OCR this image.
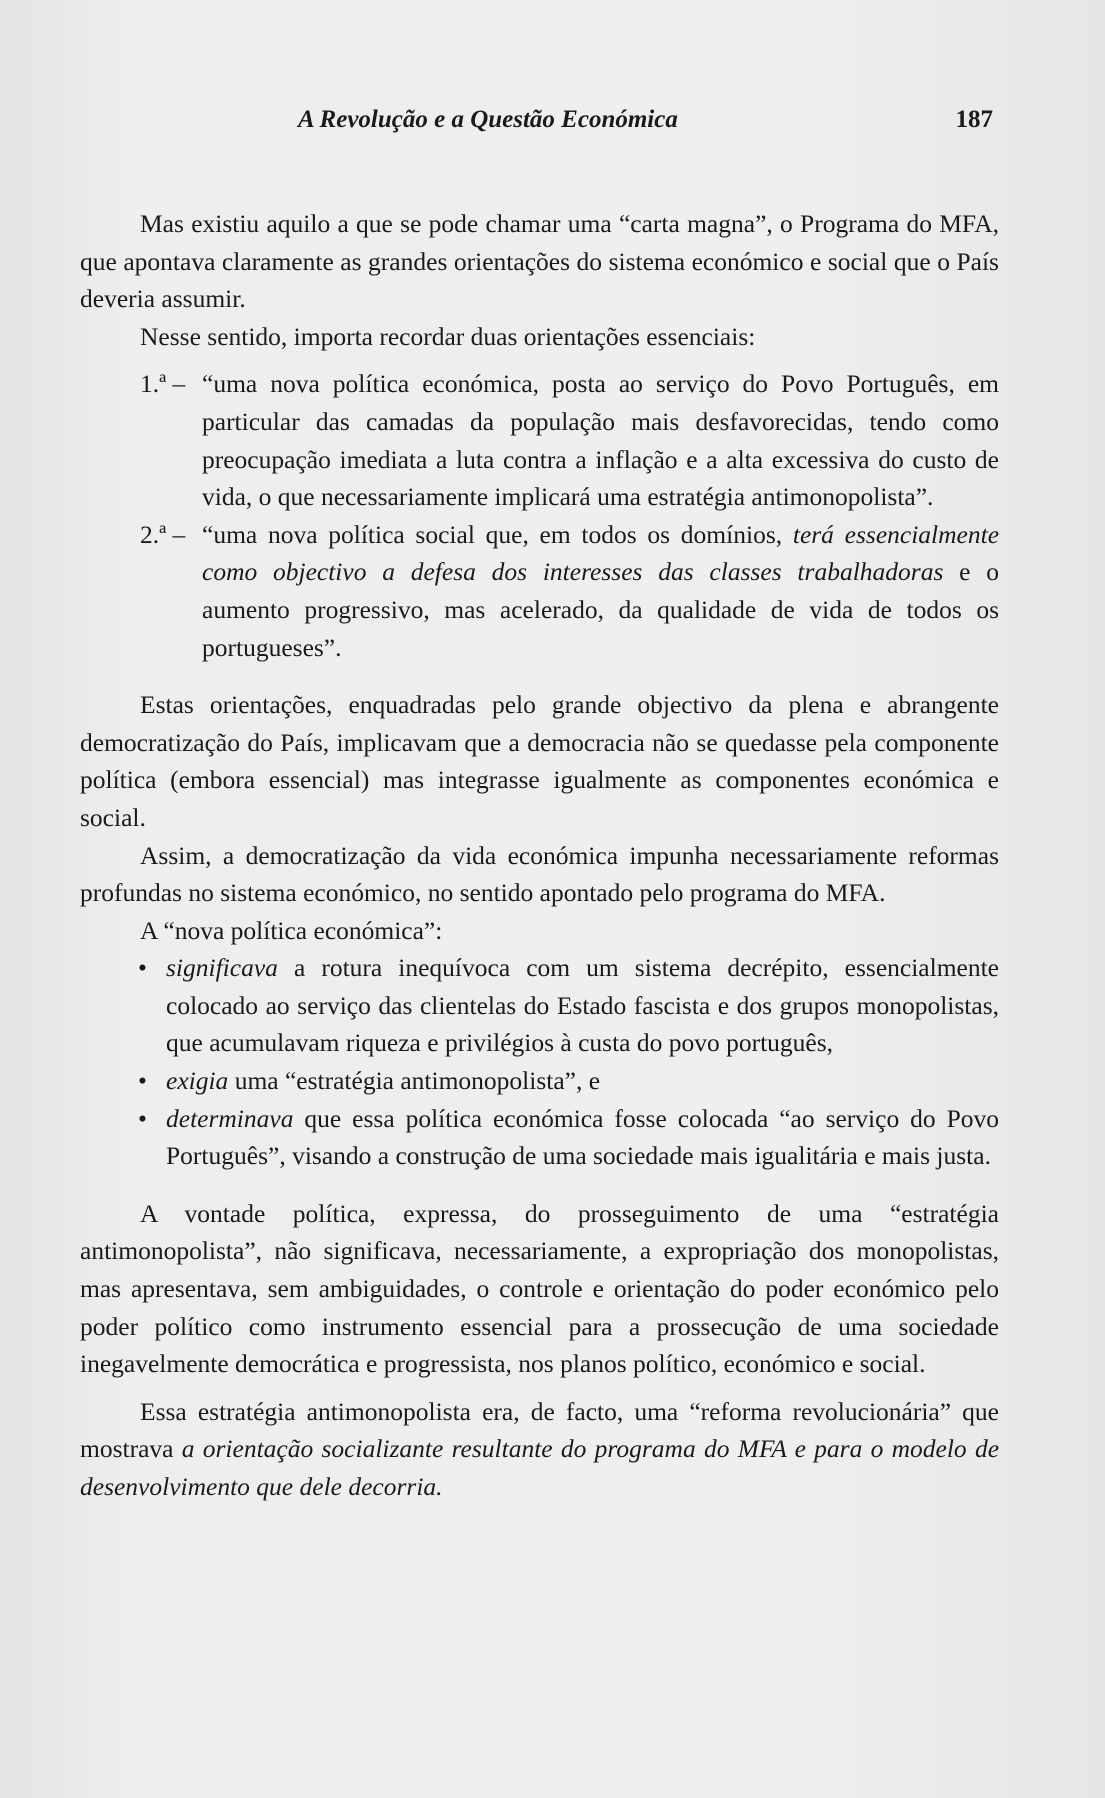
A Revolução e a Questão Económica	187

Mas existiu aquilo a que se pode chamar uma “carta magna”, o Programa do MFA, que apontava claramente as grandes orientações do sistema económico e social que o País deveria assumir.

Nesse sentido, importa recordar duas orientações essenciais:

1.ª – “uma nova política económica, posta ao serviço do Povo Português, em particular das camadas da população mais desfavorecidas, tendo como preocupação imediata a luta contra a inflação e a alta excessiva do custo de vida, o que necessariamente implicará uma estratégia antimonopolista”.
2.ª – “uma nova política social que, em todos os domínios, terá essencialmente como objectivo a defesa dos interesses das classes trabalhadoras e o aumento progressivo, mas acelerado, da qualidade de vida de todos os portugueses”.

Estas orientações, enquadradas pelo grande objectivo da plena e abrangente democratização do País, implicavam que a democracia não se quedasse pela componente política (embora essencial) mas integrasse igualmente as componentes económica e social.

Assim, a democratização da vida económica impunha necessariamente reformas profundas no sistema económico, no sentido apontado pelo programa do MFA.

A “nova política económica”:

• significava a rotura inequívoca com um sistema decrépito, essencialmente colocado ao serviço das clientelas do Estado fascista e dos grupos monopolistas, que acumulavam riqueza e privilégios à custa do povo português,
• exigia uma “estratégia antimonopolista”, e
• determinava que essa política económica fosse colocada “ao serviço do Povo Português”, visando a construção de uma sociedade mais igualitária e mais justa.

A vontade política, expressa, do prosseguimento de uma “estratégia antimonopolista”, não significava, necessariamente, a expropriação dos monopolistas, mas apresentava, sem ambiguidades, o controle e orientação do poder económico pelo poder político como instrumento essencial para a prossecução de uma sociedade inegavelmente democrática e progressista, nos planos político, económico e social.

Essa estratégia antimonopolista era, de facto, uma “reforma revolucionária” que mostrava a orientação socializante resultante do programa do MFA e para o modelo de desenvolvimento que dele decorria.
